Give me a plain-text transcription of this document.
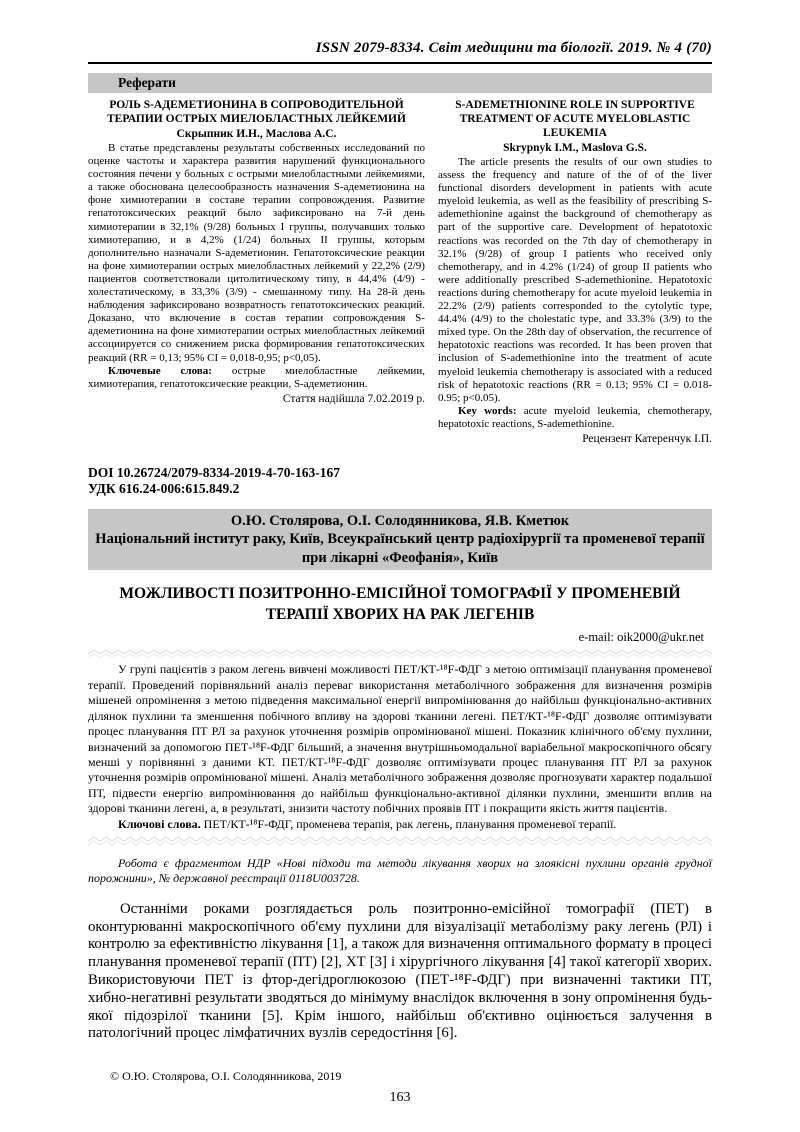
ISSN 2079-8334. Світ медицини та біології. 2019. № 4 (70)
Реферати
РОЛЬ S-АДЕМЕТИОНИНА В СОПРОВОДИТЕЛЬНОЙ ТЕРАПИИ ОСТРЫХ МИЕЛОБЛАСТНЫХ ЛЕЙКЕМИЙ
Скрыпник И.Н., Маслова А.С.

В статье представлены результаты собственных исследований по оценке частоты и характера развития нарушений функционального состояния печени у больных с острыми миелобластными лейкемиями, а также обоснована целесообразность назначения S-адеметионина на фоне химиотерапии в составе терапии сопровождения. Развитие гепатотоксических реакций было зафиксировано на 7-й день химиотерапии в 32,1% (9/28) больных I группы, получавших только химиотерапию, и в 4,2% (1/24) больных II группы, которым дополнительно назначали S-адеметионин. Гепатотоксические реакции на фоне химиотерапии острых миелобластных лейкемий у 22,2% (2/9) пациентов соответствовали цитолитическому типу, в 44,4% (4/9) - холестатическому, в 33,3% (3/9) - смешанному типу. На 28-й день наблюдения зафиксировано возвратность гепатотоксических реакций. Доказано, что включение в состав терапии сопровождения S-адеметионина на фоне химиотерапии острых миелобластных лейкемий ассоциируется со снижением риска формирования гепатотоксических реакций (RR = 0,13; 95% CI = 0,018-0,95; p<0,05).

Ключевые слова: острые миелобластные лейкемии, химиотерапия, гепатотоксические реакции, S-адеметионин.

Стаття надійшла 7.02.2019 р.
S-ADEMETHIONINE ROLE IN SUPPORTIVE TREATMENT OF ACUTE MYELOBLASTIC LEUKEMIA
Skrypnyk I.M., Maslova G.S.

The article presents the results of our own studies to assess the frequency and nature of the of of the liver functional disorders development in patients with acute myeloid leukemia, as well as the feasibility of prescribing S-ademethionine against the background of chemotherapy as part of the supportive care. Development of hepatotoxic reactions was recorded on the 7th day of chemotherapy in 32.1% (9/28) of group I patients who received only chemotherapy, and in 4.2% (1/24) of group II patients who were additionally prescribed S-ademethionine. Hepatotoxic reactions during chemotherapy for acute myeloid leukemia in 22.2% (2/9) patients corresponded to the cytolytic type, 44.4% (4/9) to the cholestatic type, and 33.3% (3/9) to the mixed type. On the 28th day of observation, the recurrence of hepatotoxic reactions was recorded. It has been proven that inclusion of S-ademethionine into the treatment of acute myeloid leukemia chemotherapy is associated with a reduced risk of hepatotoxic reactions (RR = 0.13; 95% CI = 0.018-0.95; p<0.05).

Key words: acute myeloid leukemia, chemotherapy, hepatotoxic reactions, S-ademethionine.

Рецензент Катеренчук І.П.
DOI 10.26724/2079-8334-2019-4-70-163-167
УДК 616.24-006:615.849.2
О.Ю. Столярова, О.І. Солодянникова, Я.В. Кметюк
Національний інститут раку, Київ, Всеукраїнський центр радіохірургії та променевої терапії при лікарні «Феофанія», Київ
МОЖЛИВОСТІ ПОЗИТРОННО-ЕМІСІЙНОЇ ТОМОГРАФІЇ У ПРОМЕНЕВІЙ ТЕРАПІЇ ХВОРИХ НА РАК ЛЕГЕНІВ
e-mail: oik2000@ukr.net

У групі пацієнтів з раком легень вивчені можливості ПЕТ/КТ-¹⁸F-ФДГ з метою оптимізації планування променевої терапії. Проведений порівняльний аналіз переваг використання метаболічного зображення для визначення розмірів мішеней опромінення з метою підведення максимальної енергії випромінювання до найбільш функціонально-активних ділянок пухлини та зменшення побічного впливу на здорові тканини легені. ПЕТ/КТ-¹⁸F-ФДГ дозволяє оптимізувати процес планування ПТ РЛ за рахунок уточнення розмірів опромінюваної мішені. Показник клінічного об'єму пухлини, визначений за допомогою ПЕТ-¹⁸F-ФДГ більший, а значення внутрішньомодальної варіабельної макроскопічного обсягу менші у порівнянні з даними КТ. ПЕТ/КТ-¹⁸F-ФДГ дозволяє оптимізувати процес планування ПТ РЛ за рахунок уточнення розмірів опромінюваної мішені. Аналіз метаболічного зображення дозволяє прогнозувати характер подальшої ПТ, підвести енергію випромінювання до найбільш функціонально-активної ділянки пухлини, зменшити вплив на здорові тканини легені, а, в результаті, знизити частоту побічних проявів ПТ і покращити якість життя пацієнтів.

Ключові слова. ПЕТ/КТ-¹⁸F-ФДГ, променева терапія, рак легень, планування променевої терапії.

Робота є фрагментом НДР «Нові підходи та методи лікування хворих на злоякісні пухлини органів грудної порожнини», № державної реєстрації 0118U003728.

Останніми роками розглядається роль позитронно-емісійної томографії (ПЕТ) в оконтурюванні макроскопічного об'єму пухлини для візуалізації метаболізму раку легень (РЛ) і контролю за ефективністю лікування [1], а також для визначення оптимального формату в процесі планування променевої терапії (ПТ) [2], ХТ [3] і хірургічного лікування [4] такої категорії хворих. Використовуючи ПЕТ із фтор-дегідроглюкозою (ПЕТ-¹⁸F-ФДГ) при визначенні тактики ПТ, хибно-негативні результати зводяться до мінімуму внаслідок включення в зону опромінення будь-якої підозрілої тканини [5]. Крім іншого, найбільш об'єктивно оцінюється залучення в патологічний процес лімфатичних вузлів середостіння [6].

© О.Ю. Столярова, О.І. Солодянникова, 2019
163
